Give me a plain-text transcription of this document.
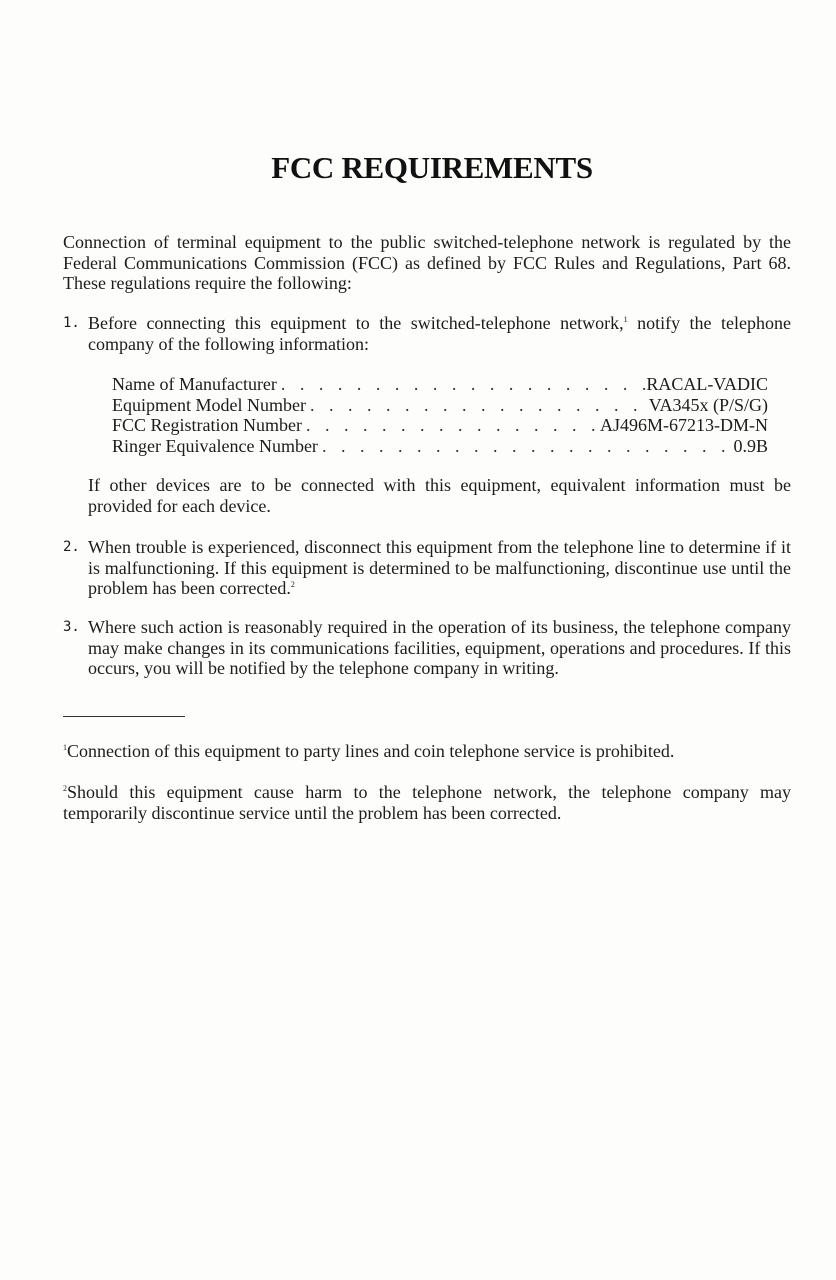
FCC REQUIREMENTS
Connection of terminal equipment to the public switched-telephone network is regulated by the Federal Communications Commission (FCC) as defined by FCC Rules and Regulations, Part 68. These regulations require the following:
1. Before connecting this equipment to the switched-telephone network,$^1$ notify the telephone company of the following information:
Name of Manufacturer . . .	RACAL-VADIC
Equipment Model Number . . .	VA345x (P/S/G)
FCC Registration Number . . .	AJ496M-67213-DM-N
Ringer Equivalence Number . . .	0.9B
If other devices are to be connected with this equipment, equivalent information must be provided for each device.
2. When trouble is experienced, disconnect this equipment from the telephone line to determine if it is malfunctioning. If this equipment is determined to be malfunctioning, discontinue use until the problem has been corrected.$^2$
3. Where such action is reasonably required in the operation of its business, the telephone company may make changes in its communications facilities, equipment, operations and procedures. If this occurs, you will be notified by the telephone company in writing.
$^1$Connection of this equipment to party lines and coin telephone service is prohibited.
$^2$Should this equipment cause harm to the telephone network, the telephone company may temporarily discontinue service until the problem has been corrected.
